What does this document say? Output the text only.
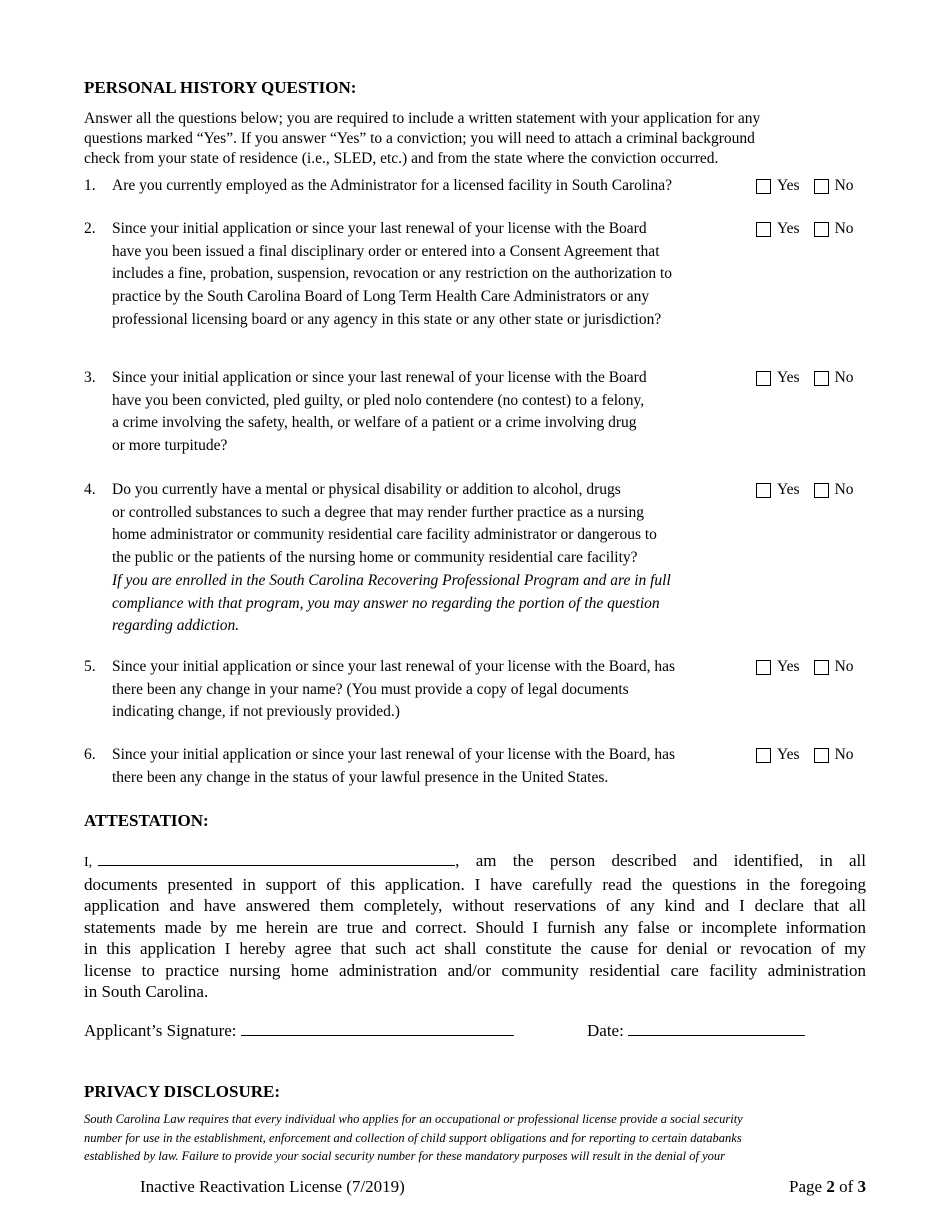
PERSONAL HISTORY QUESTION:
Answer all the questions below; you are required to include a written statement with your application for any
questions marked “Yes”. If you answer “Yes” to a conviction; you will need to attach a criminal background
check from your state of residence (i.e., SLED, etc.) and from the state where the conviction occurred.
1. Are you currently employed as the Administrator for a licensed facility in South Carolina?	Yes No
2. Since your initial application or since your last renewal of your license with the Board
have you been issued a final disciplinary order or entered into a Consent Agreement that
includes a fine, probation, suspension, revocation or any restriction on the authorization to
practice by the South Carolina Board of Long Term Health Care Administrators or any
professional licensing board or any agency in this state or any other state or jurisdiction?
Yes No
3. Since your initial application or since your last renewal of your license with the Board
have you been convicted, pled guilty, or pled nolo contendere (no contest) to a felony,
a crime involving the safety, health, or welfare of a patient or a crime involving drug
or more turpitude?
Yes No
4. Do you currently have a mental or physical disability or addition to alcohol, drugs
or controlled substances to such a degree that may render further practice as a nursing
home administrator or community residential care facility administrator or dangerous to
the public or the patients of the nursing home or community residential care facility?
If you are enrolled in the South Carolina Recovering Professional Program and are in full
compliance with that program, you may answer no regarding the portion of the question
regarding addiction.
Yes No
5. Since your initial application or since your last renewal of your license with the Board, has
there been any change in your name? (You must provide a copy of legal documents
indicating change, if not previously provided.)
Yes No
6. Since your initial application or since your last renewal of your license with the Board, has
there been any change in the status of your lawful presence in the United States.
Yes No
ATTESTATION:
I,	, am the person described and identified, in all
documents presented in support of this application. I have carefully read the questions in the foregoing
application and have answered them completely, without reservations of any kind and I declare that all
statements made by me herein are true and correct. Should I furnish any false or incomplete information
in this application I hereby agree that such act shall constitute the cause for denial or revocation of my
license to practice nursing home administration and/or community residential care facility administration
in South Carolina.
Applicant’s Signature:	Date:
PRIVACY DISCLOSURE:
South Carolina Law requires that every individual who applies for an occupational or professional license provide a social security
number for use in the establishment, enforcement and collection of child support obligations and for reporting to certain databanks
established by law. Failure to provide your social security number for these mandatory purposes will result in the denial of your
Inactive Reactivation License (7/2019)	Page 2 of 3
